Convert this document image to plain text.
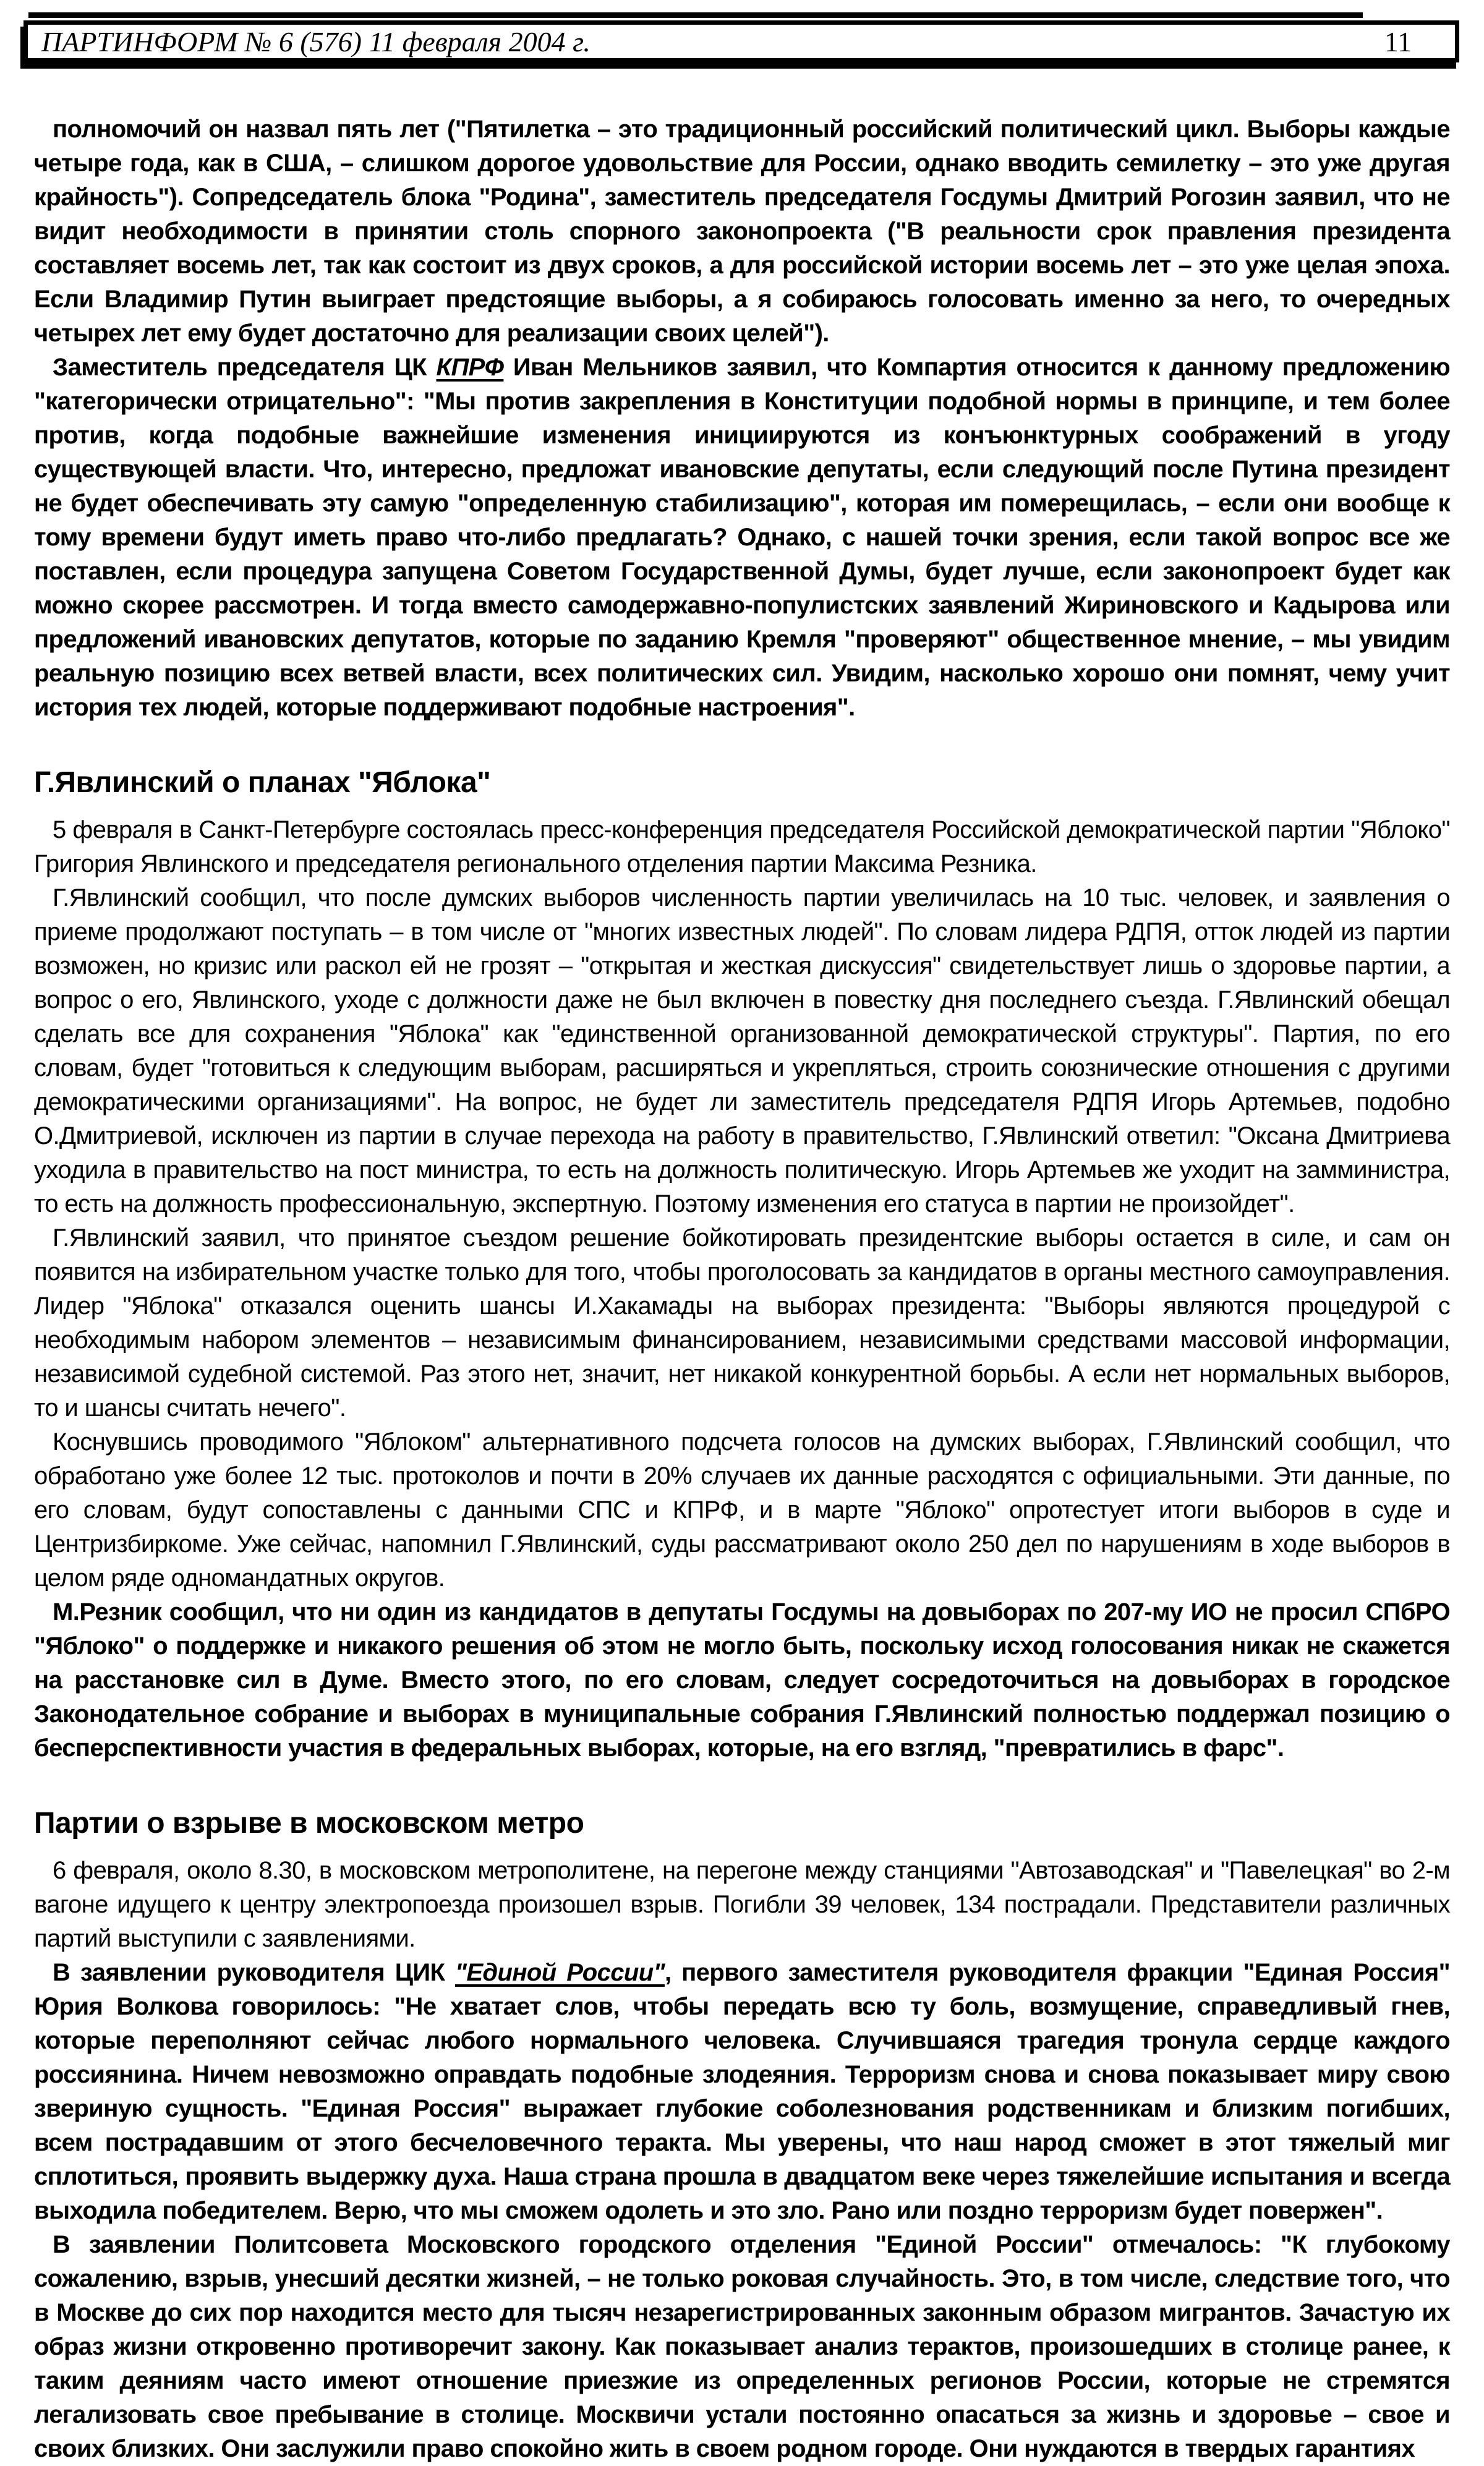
ПАРТИНФОРМ № 6 (576) 11 февраля 2004 г.	11

полномочий он назвал пять лет ("Пятилетка – это традиционный российский политический цикл. Выборы каждые четыре года, как в США, – слишком дорогое удовольствие для России, однако вводить семилетку – это уже другая крайность"). Сопредседатель блока "Родина", заместитель председателя Госдумы Дмитрий Рогозин заявил, что не видит необходимости в принятии столь спорного законопроекта ("В реальности срок правления президента составляет восемь лет, так как состоит из двух сроков, а для российской истории восемь лет – это уже целая эпоха. Если Владимир Путин выиграет предстоящие выборы, а я собираюсь голосовать именно за него, то очередных четырех лет ему будет достаточно для реализации своих целей").

Заместитель председателя ЦК КПРФ Иван Мельников заявил, что Компартия относится к данному предложению "категорически отрицательно": "Мы против закрепления в Конституции подобной нормы в принципе, и тем более против, когда подобные важнейшие изменения инициируются из конъюнктурных соображений в угоду существующей власти. Что, интересно, предложат ивановские депутаты, если следующий после Путина президент не будет обеспечивать эту самую "определенную стабилизацию", которая им померещилась, – если они вообще к тому времени будут иметь право что-либо предлагать? Однако, с нашей точки зрения, если такой вопрос все же поставлен, если процедура запущена Советом Государственной Думы, будет лучше, если законопроект будет как можно скорее рассмотрен. И тогда вместо самодержавно-популистских заявлений Жириновского и Кадырова или предложений ивановских депутатов, которые по заданию Кремля "проверяют" общественное мнение, – мы увидим реальную позицию всех ветвей власти, всех политических сил. Увидим, насколько хорошо они помнят, чему учит история тех людей, которые поддерживают подобные настроения".

Г.Явлинский о планах "Яблока"

5 февраля в Санкт-Петербурге состоялась пресс-конференция председателя Российской демократической партии "Яблоко" Григория Явлинского и председателя регионального отделения партии Максима Резника.

Г.Явлинский сообщил, что после думских выборов численность партии увеличилась на 10 тыс. человек, и заявления о приеме продолжают поступать – в том числе от "многих известных людей". По словам лидера РДПЯ, отток людей из партии возможен, но кризис или раскол ей не грозят – "открытая и жесткая дискуссия" свидетельствует лишь о здоровье партии, а вопрос о его, Явлинского, уходе с должности даже не был включен в повестку дня последнего съезда. Г.Явлинский обещал сделать все для сохранения "Яблока" как "единственной организованной демократической структуры". Партия, по его словам, будет "готовиться к следующим выборам, расширяться и укрепляться, строить союзнические отношения с другими демократическими организациями". На вопрос, не будет ли заместитель председателя РДПЯ Игорь Артемьев, подобно О.Дмитриевой, исключен из партии в случае перехода на работу в правительство, Г.Явлинский ответил: "Оксана Дмитриева уходила в правительство на пост министра, то есть на должность политическую. Игорь Артемьев же уходит на замминистра, то есть на должность профессиональную, экспертную. Поэтому изменения его статуса в партии не произойдет".

Г.Явлинский заявил, что принятое съездом решение бойкотировать президентские выборы остается в силе, и сам он появится на избирательном участке только для того, чтобы проголосовать за кандидатов в органы местного самоуправления. Лидер "Яблока" отказался оценить шансы И.Хакамады на выборах президента: "Выборы являются процедурой с необходимым набором элементов – независимым финансированием, независимыми средствами массовой информации, независимой судебной системой. Раз этого нет, значит, нет никакой конкурентной борьбы. А если нет нормальных выборов, то и шансы считать нечего".

Коснувшись проводимого "Яблоком" альтернативного подсчета голосов на думских выборах, Г.Явлинский сообщил, что обработано уже более 12 тыс. протоколов и почти в 20% случаев их данные расходятся с официальными. Эти данные, по его словам, будут сопоставлены с данными СПС и КПРФ, и в марте "Яблоко" опротестует итоги выборов в суде и Центризбиркоме. Уже сейчас, напомнил Г.Явлинский, суды рассматривают около 250 дел по нарушениям в ходе выборов в целом ряде одномандатных округов.

М.Резник сообщил, что ни один из кандидатов в депутаты Госдумы на довыборах по 207-му ИО не просил СПбРО "Яблоко" о поддержке и никакого решения об этом не могло быть, поскольку исход голосования никак не скажется на расстановке сил в Думе. Вместо этого, по его словам, следует сосредоточиться на довыборах в городское Законодательное собрание и выборах в муниципальные собрания Г.Явлинский полностью поддержал позицию о бесперспективности участия в федеральных выборах, которые, на его взгляд, "превратились в фарс".

Партии о взрыве в московском метро

6 февраля, около 8.30, в московском метрополитене, на перегоне между станциями "Автозаводская" и "Павелецкая" во 2-м вагоне идущего к центру электропоезда произошел взрыв. Погибли 39 человек, 134 пострадали. Представители различных партий выступили с заявлениями.

В заявлении руководителя ЦИК "Единой России", первого заместителя руководителя фракции "Единая Россия" Юрия Волкова говорилось: "Не хватает слов, чтобы передать всю ту боль, возмущение, справедливый гнев, которые переполняют сейчас любого нормального человека. Случившаяся трагедия тронула сердце каждого россиянина. Ничем невозможно оправдать подобные злодеяния. Терроризм снова и снова показывает миру свою звериную сущность. "Единая Россия" выражает глубокие соболезнования родственникам и близким погибших, всем пострадавшим от этого бесчеловечного теракта. Мы уверены, что наш народ сможет в этот тяжелый миг сплотиться, проявить выдержку духа. Наша страна прошла в двадцатом веке через тяжелейшие испытания и всегда выходила победителем. Верю, что мы сможем одолеть и это зло. Рано или поздно терроризм будет повержен".

В заявлении Политсовета Московского городского отделения "Единой России" отмечалось: "К глубокому сожалению, взрыв, унесший десятки жизней, – не только роковая случайность. Это, в том числе, следствие того, что в Москве до сих пор находится место для тысяч незарегистрированных законным образом мигрантов. Зачастую их образ жизни откровенно противоречит закону. Как показывает анализ терактов, произошедших в столице ранее, к таким деяниям часто имеют отношение приезжие из определенных регионов России, которые не стремятся легализовать свое пребывание в столице. Москвичи устали постоянно опасаться за жизнь и здоровье – свое и своих близких. Они заслужили право спокойно жить в своем родном городе. Они нуждаются в твердых гарантиях
